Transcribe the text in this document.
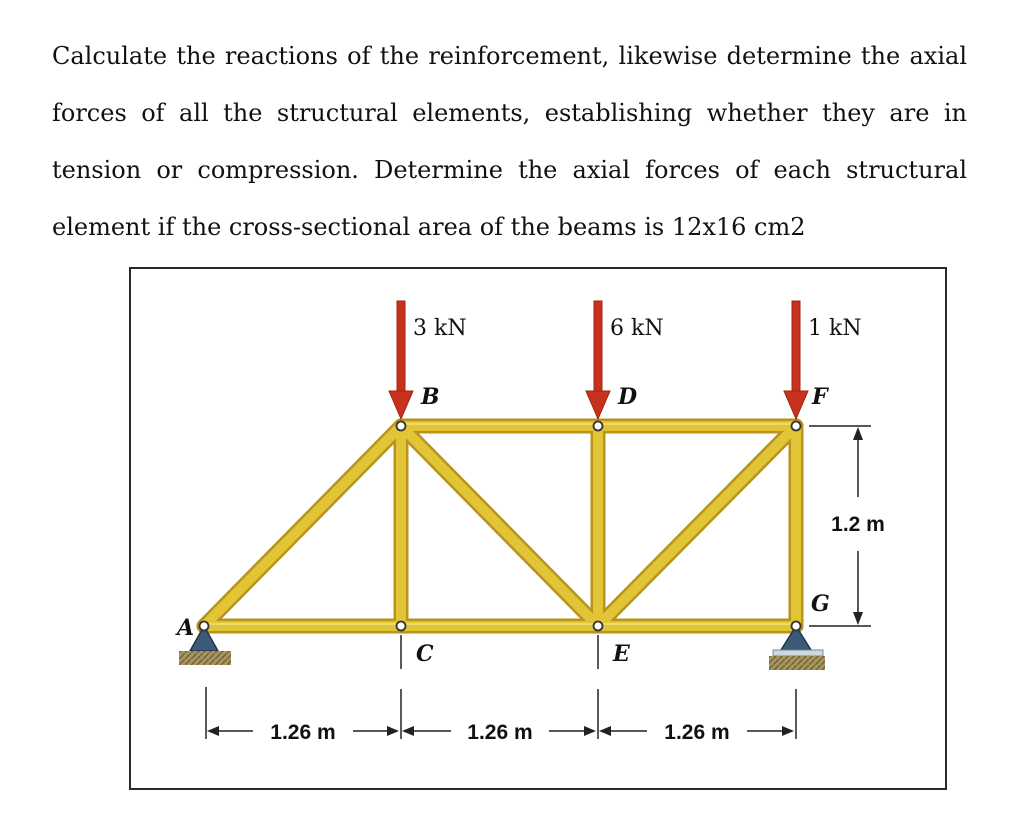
Calculate the reactions of the reinforcement, likewise determine the axial forces of all the structural elements, establishing whether they are in tension or compression. Determine the axial forces of each structural element if the cross-sectional area of the beams is 12x16 cm2
3 kN	6 kN	1 kN
A
B
C
D
E
F
G
1.26 m	1.26 m	1.26 m
1.2 m
